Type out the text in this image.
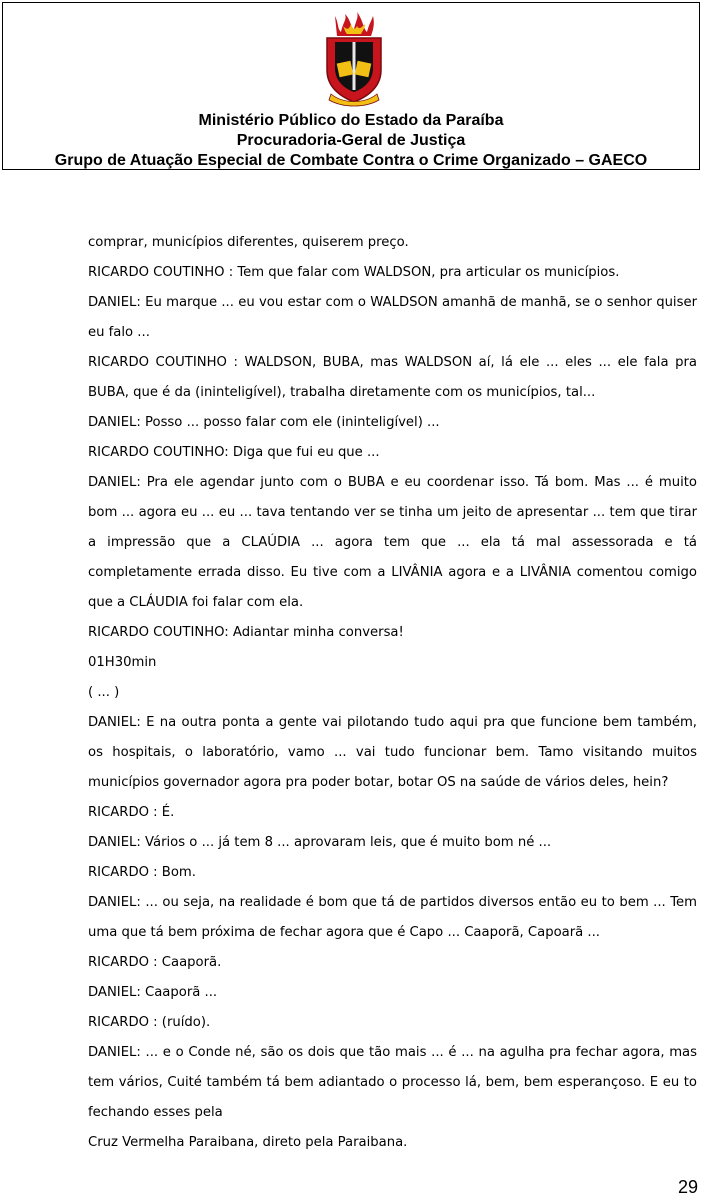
Ministério Público do Estado da Paraíba
Procuradoria-Geral de Justiça
Grupo de Atuação Especial de Combate Contra o Crime Organizado – GAECO

comprar, municípios diferentes, quiserem preço.

RICARDO COUTINHO : Tem que falar com WALDSON, pra articular os municípios.

DANIEL: Eu marque ... eu vou estar com o WALDSON amanhã de manhã, se o senhor quiser eu falo ...

RICARDO COUTINHO : WALDSON, BUBA, mas WALDSON aí, lá ele ... eles ... ele fala pra BUBA, que é da (ininteligível), trabalha diretamente com os municípios, tal...

DANIEL: Posso ... posso falar com ele (ininteligível) ...

RICARDO COUTINHO: Diga que fui eu que ...

DANIEL: Pra ele agendar junto com o BUBA e eu coordenar isso. Tá bom. Mas ... é muito bom ... agora eu ... eu ... tava tentando ver se tinha um jeito de apresentar ... tem que tirar a impressão que a CLAÚDIA ... agora tem que ... ela tá mal assessorada e tá completamente errada disso. Eu tive com a LIVÂNIA agora e a LIVÂNIA comentou comigo que a CLÁUDIA foi falar com ela.

RICARDO COUTINHO: Adiantar minha conversa!

01H30min

( ... )

DANIEL: E na outra ponta a gente vai pilotando tudo aqui pra que funcione bem também, os hospitais, o laboratório, vamo ... vai tudo funcionar bem. Tamo visitando muitos municípios governador agora pra poder botar, botar OS na saúde de vários deles, hein?

RICARDO : É.

DANIEL: Vários o ... já tem 8 ... aprovaram leis, que é muito bom né ...

RICARDO : Bom.

DANIEL: ... ou seja, na realidade é bom que tá de partidos diversos então eu to bem ... Tem uma que tá bem próxima de fechar agora que é Capo ... Caaporã, Capoarã ...

RICARDO : Caaporã.

DANIEL: Caaporã ...

RICARDO : (ruído).

DANIEL: ... e o Conde né, são os dois que tão mais ... é ... na agulha pra fechar agora, mas tem vários, Cuité também tá bem adiantado o processo lá, bem, bem esperançoso. E eu to fechando esses pela

Cruz Vermelha Paraibana, direto pela Paraibana.

29
